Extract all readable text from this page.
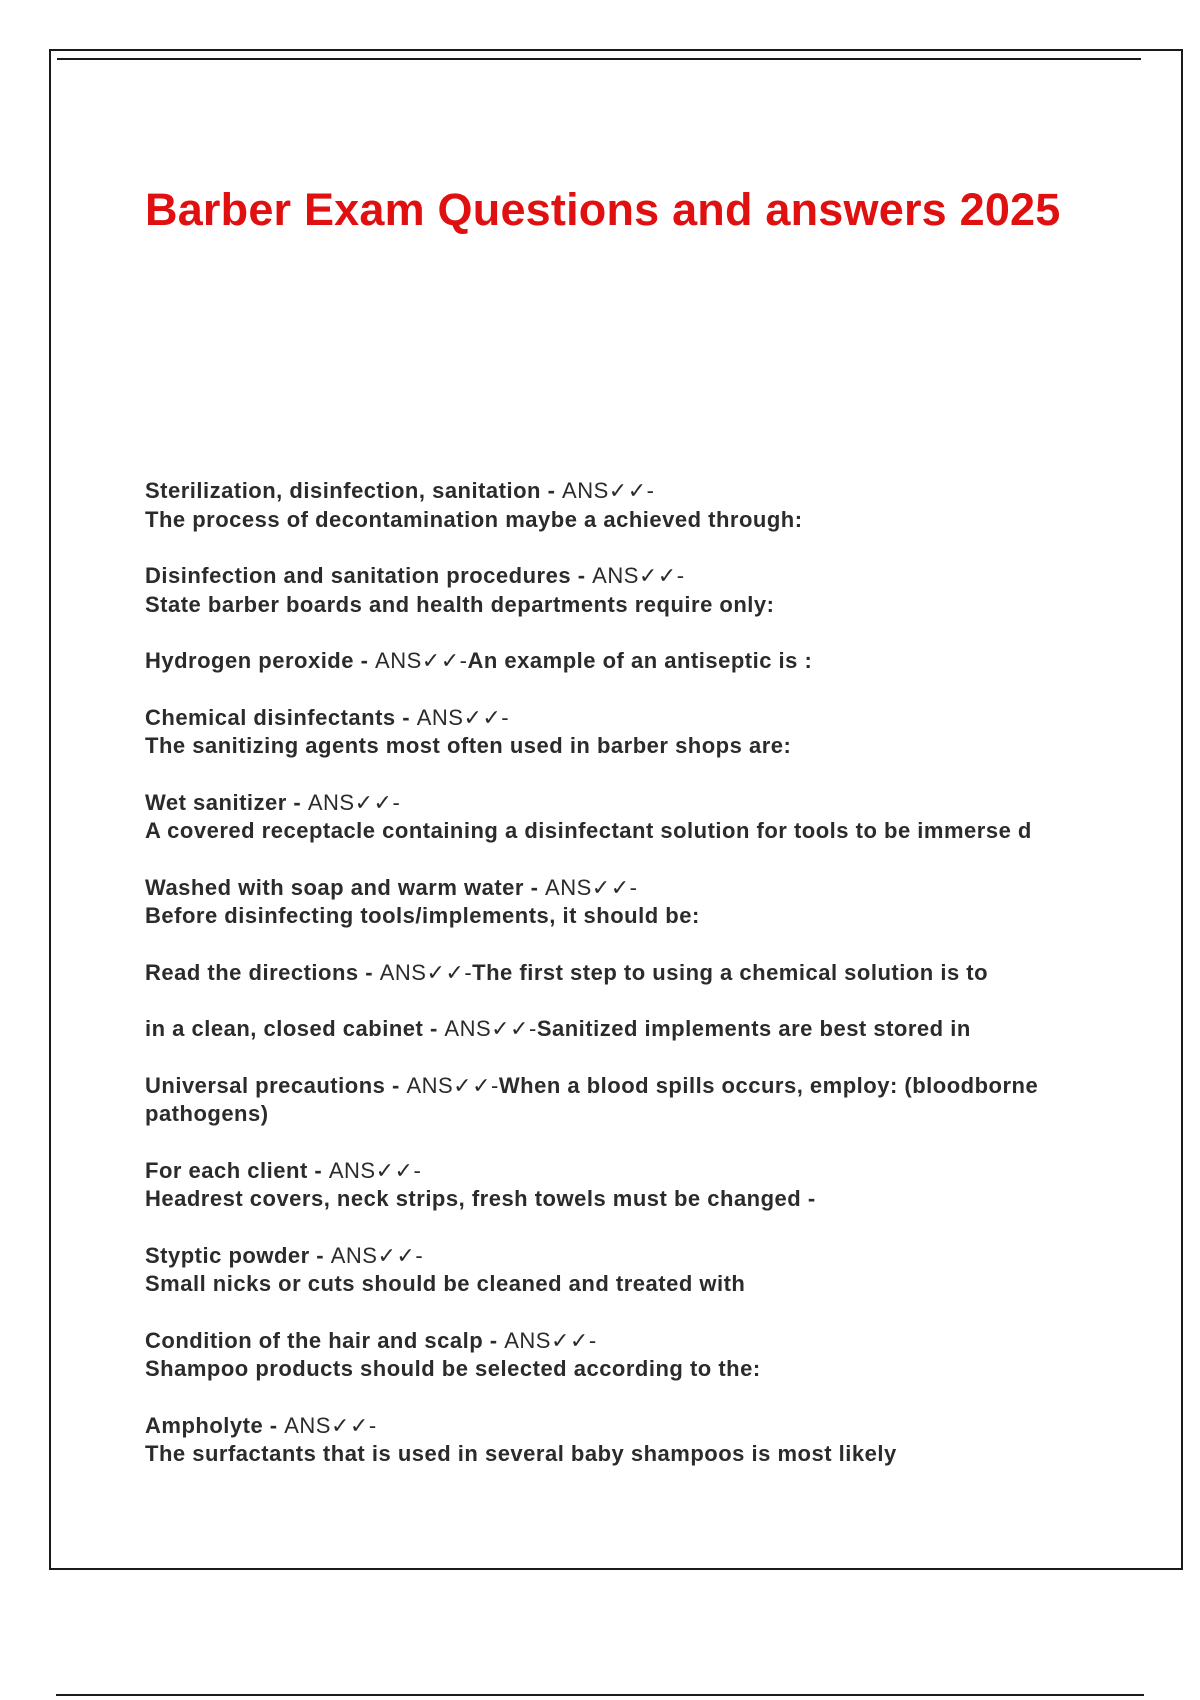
Barber Exam Questions and answers 2025
Sterilization, disinfection, sanitation - ANS✓✓-
The process of decontamination maybe a achieved through:
Disinfection and sanitation procedures - ANS✓✓-
State barber boards and health departments require only:
Hydrogen peroxide - ANS✓✓-An example of an antiseptic is :
Chemical disinfectants - ANS✓✓-
The sanitizing agents most often used in barber shops are:
Wet sanitizer - ANS✓✓-
A covered receptacle containing a disinfectant solution for tools to be immerse d
Washed with soap and warm water - ANS✓✓-
Before disinfecting tools/implements, it should be:
Read the directions - ANS✓✓-The first step to using a chemical solution is to
in a clean, closed cabinet - ANS✓✓-Sanitized implements are best stored in
Universal precautions - ANS✓✓-When a blood spills occurs, employ: (bloodborne pathogens)
For each client - ANS✓✓-
Headrest covers, neck strips, fresh towels must be changed -
Styptic powder - ANS✓✓-
Small nicks or cuts should be cleaned and treated with
Condition of the hair and scalp - ANS✓✓-
Shampoo products should be selected according to the:
Ampholyte - ANS✓✓-
The surfactants that is used in several baby shampoos is most likely
